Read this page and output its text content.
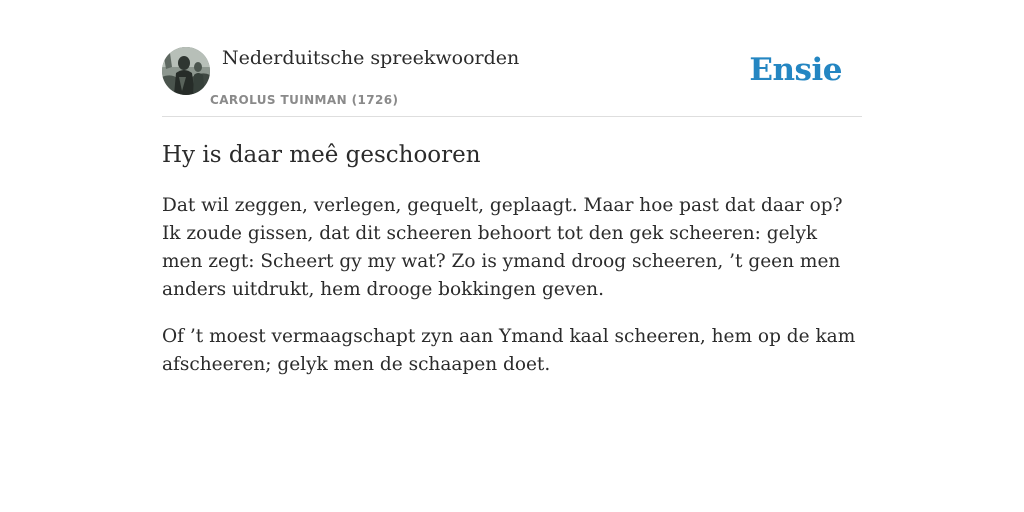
Nederduitsche spreekwoorden
CAROLUS TUINMAN (1726)
Ensie
Hy is daar meê geschooren

Dat wil zeggen, verlegen, gequelt, geplaagt. Maar hoe past dat daar op? Ik zoude gissen, dat dit scheeren behoort tot den gek scheeren: gelyk men zegt: Scheert gy my wat? Zo is ymand droog scheeren, ’t geen men anders uitdrukt, hem drooge bokkingen geven.

Of ’t moest vermaagschapt zyn aan Ymand kaal scheeren, hem op de kam afscheeren; gelyk men de schaapen doet.
